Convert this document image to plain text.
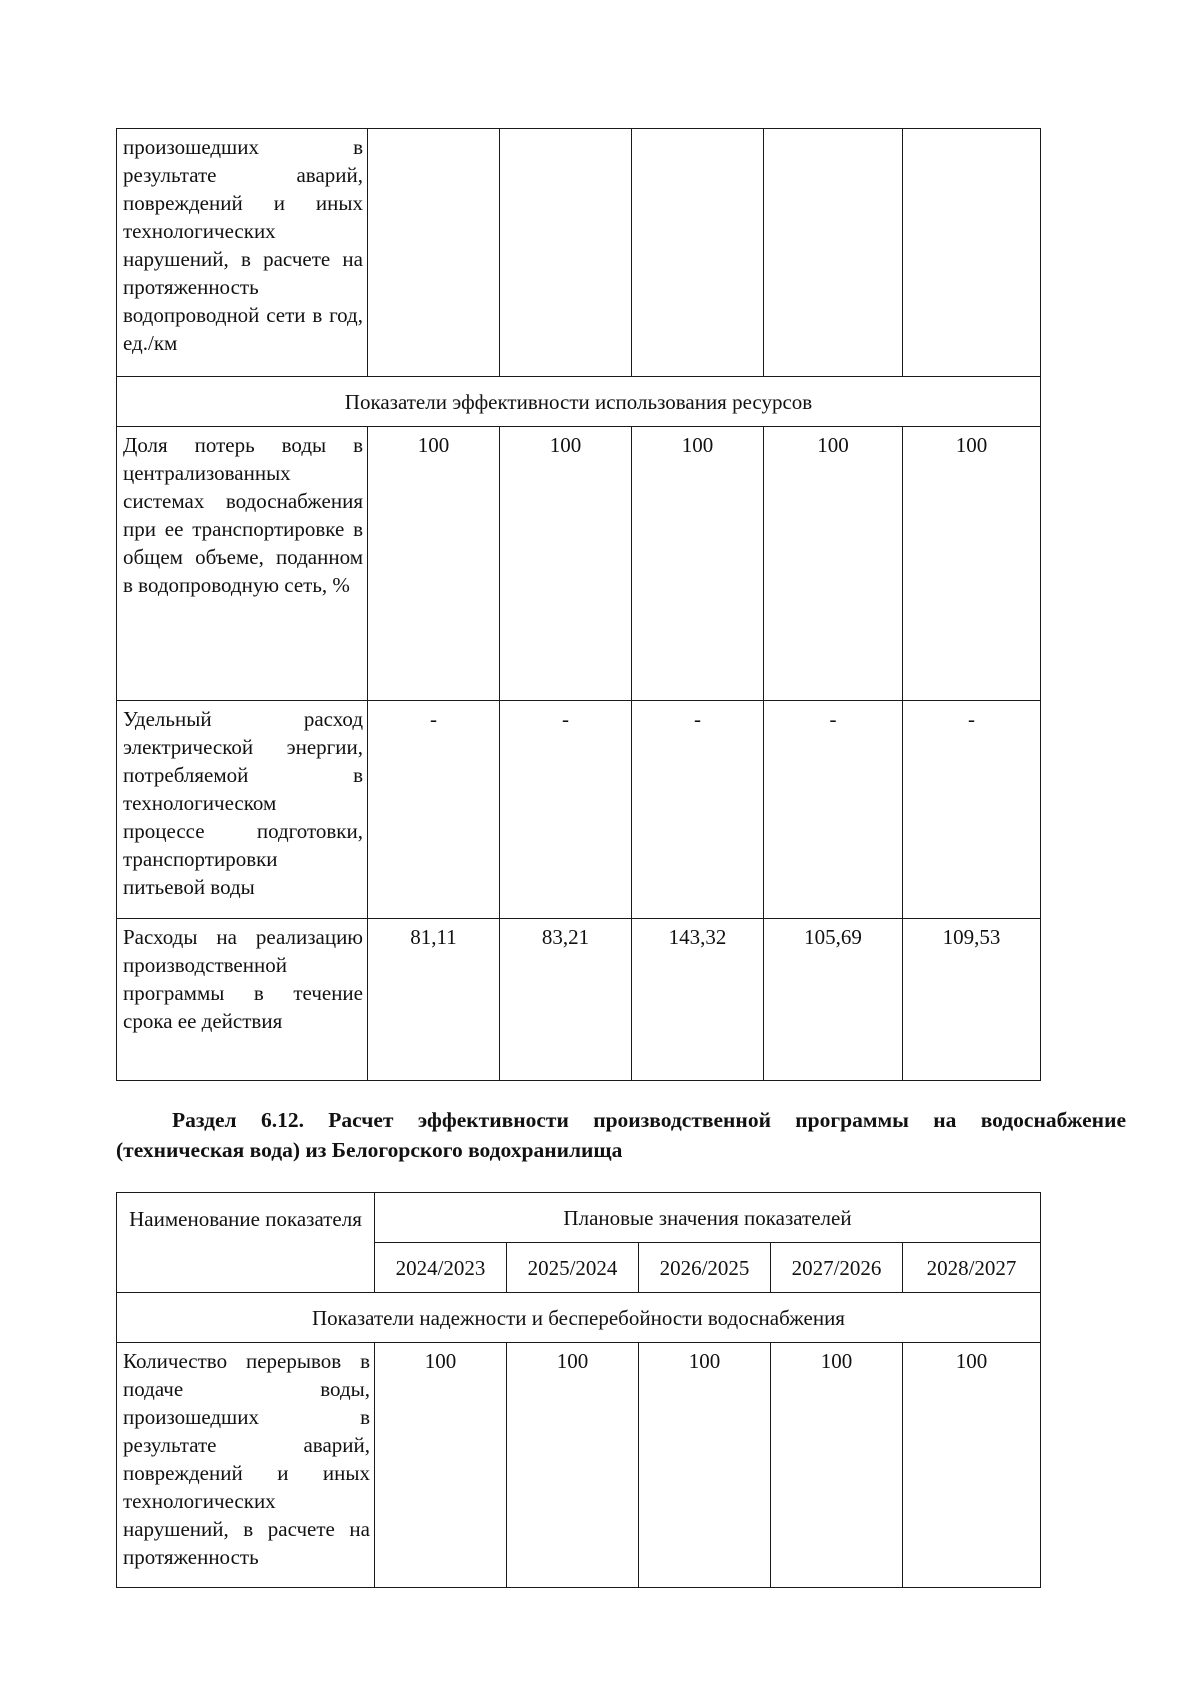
произошедших в результате аварий, повреждений и иных технологических нарушений, в расчете на протяженность водопроводной сети в год, ед./км					
Показатели эффективности использования ресурсов					
Доля потерь воды в централизованных системах водоснабжения при ее транспортировке в общем объеме, поданном в водопроводную сеть, %	100	100	100	100	100
Удельный расход электрической энергии, потребляемой в технологическом процессе подготовки, транспортировки питьевой воды	-	-	-	-	-
Расходы на реализацию производственной программы в течение срока ее действия	81,11	83,21	143,32	105,69	109,53
Раздел 6.12. Расчет эффективности производственной программы на водоснабжение (техническая вода) из Белогорского водохранилища
Наименование показателя	Плановые значения показателей				
	2024/2023	2025/2024	2026/2025	2027/2026	2028/2027
Показатели надежности и бесперебойности водоснабжения					
Количество перерывов в подаче воды, произошедших в результате аварий, повреждений и иных технологических нарушений, в расчете на протяженность	100	100	100	100	100
